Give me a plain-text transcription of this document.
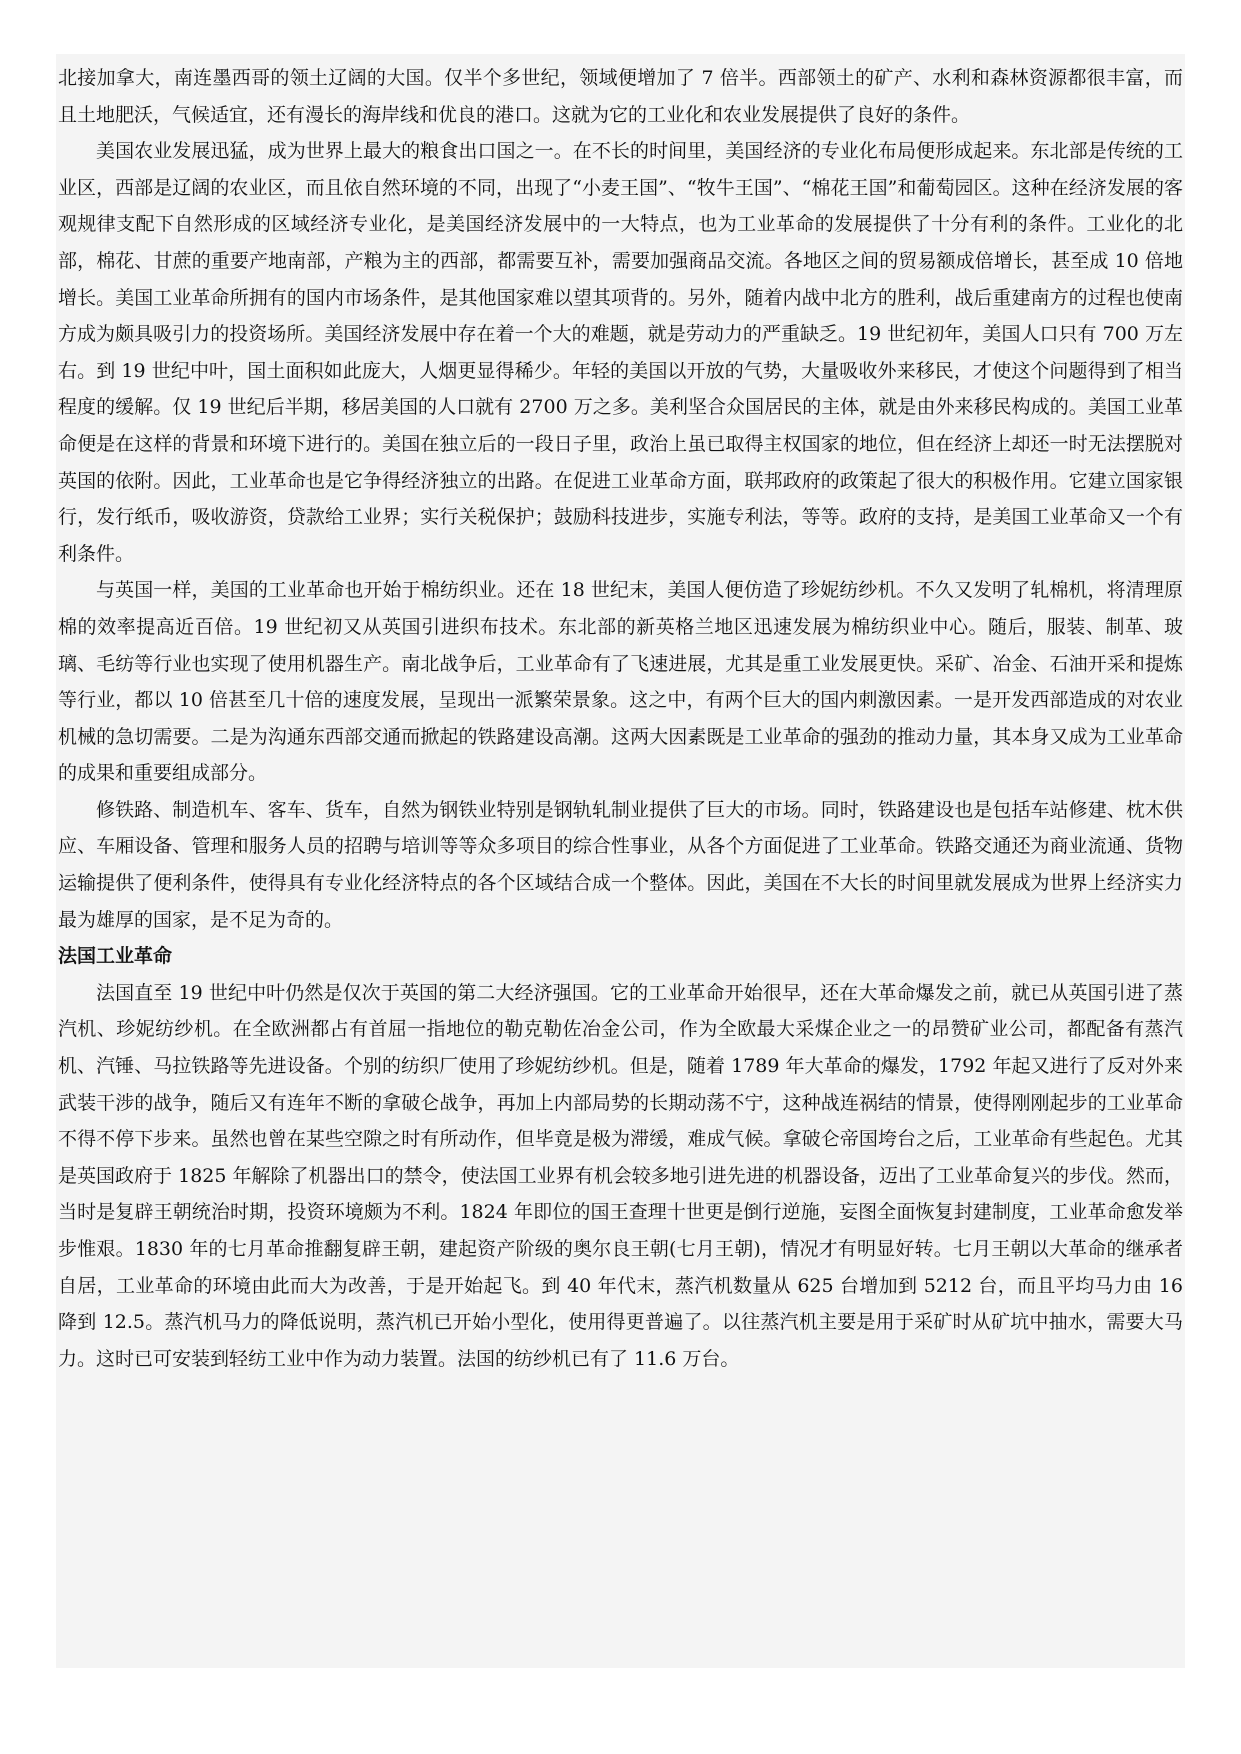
北接加拿大，南连墨西哥的领土辽阔的大国。仅半个多世纪，领域便增加了 7 倍半。西部领土的矿产、水利和森林资源都很丰富，而且土地肥沃，气候适宜，还有漫长的海岸线和优良的港口。这就为它的工业化和农业发展提供了良好的条件。

美国农业发展迅猛，成为世界上最大的粮食出口国之一。在不长的时间里，美国经济的专业化布局便形成起来。东北部是传统的工业区，西部是辽阔的农业区，而且依自然环境的不同，出现了“小麦王国”、“牧牛王国”、“棉花王国”和葡萄园区。这种在经济发展的客观规律支配下自然形成的区域经济专业化，是美国经济发展中的一大特点，也为工业革命的发展提供了十分有利的条件。工业化的北部，棉花、甘蔗的重要产地南部，产粮为主的西部，都需要互补，需要加强商品交流。各地区之间的贸易额成倍增长，甚至成 10 倍地增长。美国工业革命所拥有的国内市场条件，是其他国家难以望其项背的。另外，随着内战中北方的胜利，战后重建南方的过程也使南方成为颇具吸引力的投资场所。美国经济发展中存在着一个大的难题，就是劳动力的严重缺乏。19 世纪初年，美国人口只有 700 万左右。到 19 世纪中叶，国土面积如此庞大，人烟更显得稀少。年轻的美国以开放的气势，大量吸收外来移民，才使这个问题得到了相当程度的缓解。仅 19 世纪后半期，移居美国的人口就有 2700 万之多。美利坚合众国居民的主体，就是由外来移民构成的。美国工业革命便是在这样的背景和环境下进行的。美国在独立后的一段日子里，政治上虽已取得主权国家的地位，但在经济上却还一时无法摆脱对英国的依附。因此，工业革命也是它争得经济独立的出路。在促进工业革命方面，联邦政府的政策起了很大的积极作用。它建立国家银行，发行纸币，吸收游资，贷款给工业界；实行关税保护；鼓励科技进步，实施专利法，等等。政府的支持，是美国工业革命又一个有利条件。

与英国一样，美国的工业革命也开始于棉纺织业。还在 18 世纪末，美国人便仿造了珍妮纺纱机。不久又发明了轧棉机，将清理原棉的效率提高近百倍。19 世纪初又从英国引进织布技术。东北部的新英格兰地区迅速发展为棉纺织业中心。随后，服装、制革、玻璃、毛纺等行业也实现了使用机器生产。南北战争后，工业革命有了飞速进展，尤其是重工业发展更快。采矿、冶金、石油开采和提炼等行业，都以 10 倍甚至几十倍的速度发展，呈现出一派繁荣景象。这之中，有两个巨大的国内刺激因素。一是开发西部造成的对农业机械的急切需要。二是为沟通东西部交通而掀起的铁路建设高潮。这两大因素既是工业革命的强劲的推动力量，其本身又成为工业革命的成果和重要组成部分。

修铁路、制造机车、客车、货车，自然为钢铁业特别是钢轨轧制业提供了巨大的市场。同时，铁路建设也是包括车站修建、枕木供应、车厢设备、管理和服务人员的招聘与培训等等众多项目的综合性事业，从各个方面促进了工业革命。铁路交通还为商业流通、货物运输提供了便利条件，使得具有专业化经济特点的各个区域结合成一个整体。因此，美国在不大长的时间里就发展成为世界上经济实力最为雄厚的国家，是不足为奇的。

法国工业革命

法国直至 19 世纪中叶仍然是仅次于英国的第二大经济强国。它的工业革命开始很早，还在大革命爆发之前，就已从英国引进了蒸汽机、珍妮纺纱机。在全欧洲都占有首屈一指地位的勒克勒佐冶金公司，作为全欧最大采煤企业之一的昂赞矿业公司，都配备有蒸汽机、汽锤、马拉铁路等先进设备。个别的纺织厂使用了珍妮纺纱机。但是，随着 1789 年大革命的爆发，1792 年起又进行了反对外来武装干涉的战争，随后又有连年不断的拿破仑战争，再加上内部局势的长期动荡不宁，这种战连祸结的情景，使得刚刚起步的工业革命不得不停下步来。虽然也曾在某些空隙之时有所动作，但毕竟是极为滞缓，难成气候。拿破仑帝国垮台之后，工业革命有些起色。尤其是英国政府于 1825 年解除了机器出口的禁令，使法国工业界有机会较多地引进先进的机器设备，迈出了工业革命复兴的步伐。然而，当时是复辟王朝统治时期，投资环境颇为不利。1824 年即位的国王查理十世更是倒行逆施，妄图全面恢复封建制度，工业革命愈发举步惟艰。1830 年的七月革命推翻复辟王朝，建起资产阶级的奥尔良王朝(七月王朝)，情况才有明显好转。七月王朝以大革命的继承者自居，工业革命的环境由此而大为改善，于是开始起飞。到 40 年代末，蒸汽机数量从 625 台增加到 5212 台，而且平均马力由 16 降到 12.5。蒸汽机马力的降低说明，蒸汽机已开始小型化，使用得更普遍了。以往蒸汽机主要是用于采矿时从矿坑中抽水，需要大马力。这时已可安装到轻纺工业中作为动力装置。法国的纺纱机已有了 11.6 万台。
